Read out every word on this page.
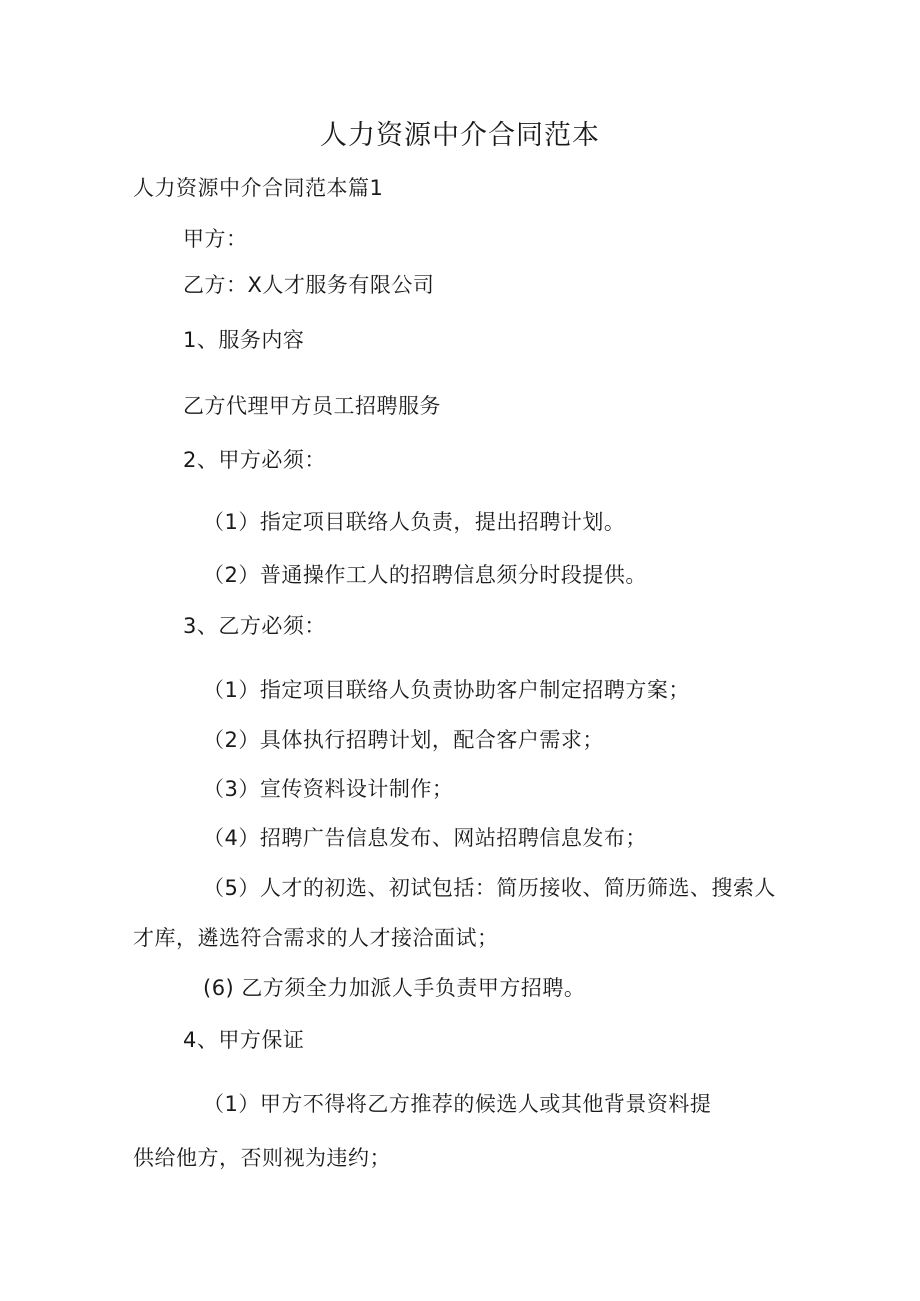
人力资源中介合同范本
人力资源中介合同范本篇1
甲方：
乙方：X人才服务有限公司
1、服务内容
乙方代理甲方员工招聘服务
2、甲方必须：
（1）指定项目联络人负责，提出招聘计划。
（2）普通操作工人的招聘信息须分时段提供。
3、乙方必须：
（1）指定项目联络人负责协助客户制定招聘方案；
（2）具体执行招聘计划，配合客户需求；
（3）宣传资料设计制作；
（4）招聘广告信息发布、网站招聘信息发布；
（5）人才的初选、初试包括：简历接收、简历筛选、搜索人
才库，遴选符合需求的人才接洽面试；
(6) 乙方须全力加派人手负责甲方招聘。
4、甲方保证
（1）甲方不得将乙方推荐的候选人或其他背景资料提
供给他方，否则视为违约；
